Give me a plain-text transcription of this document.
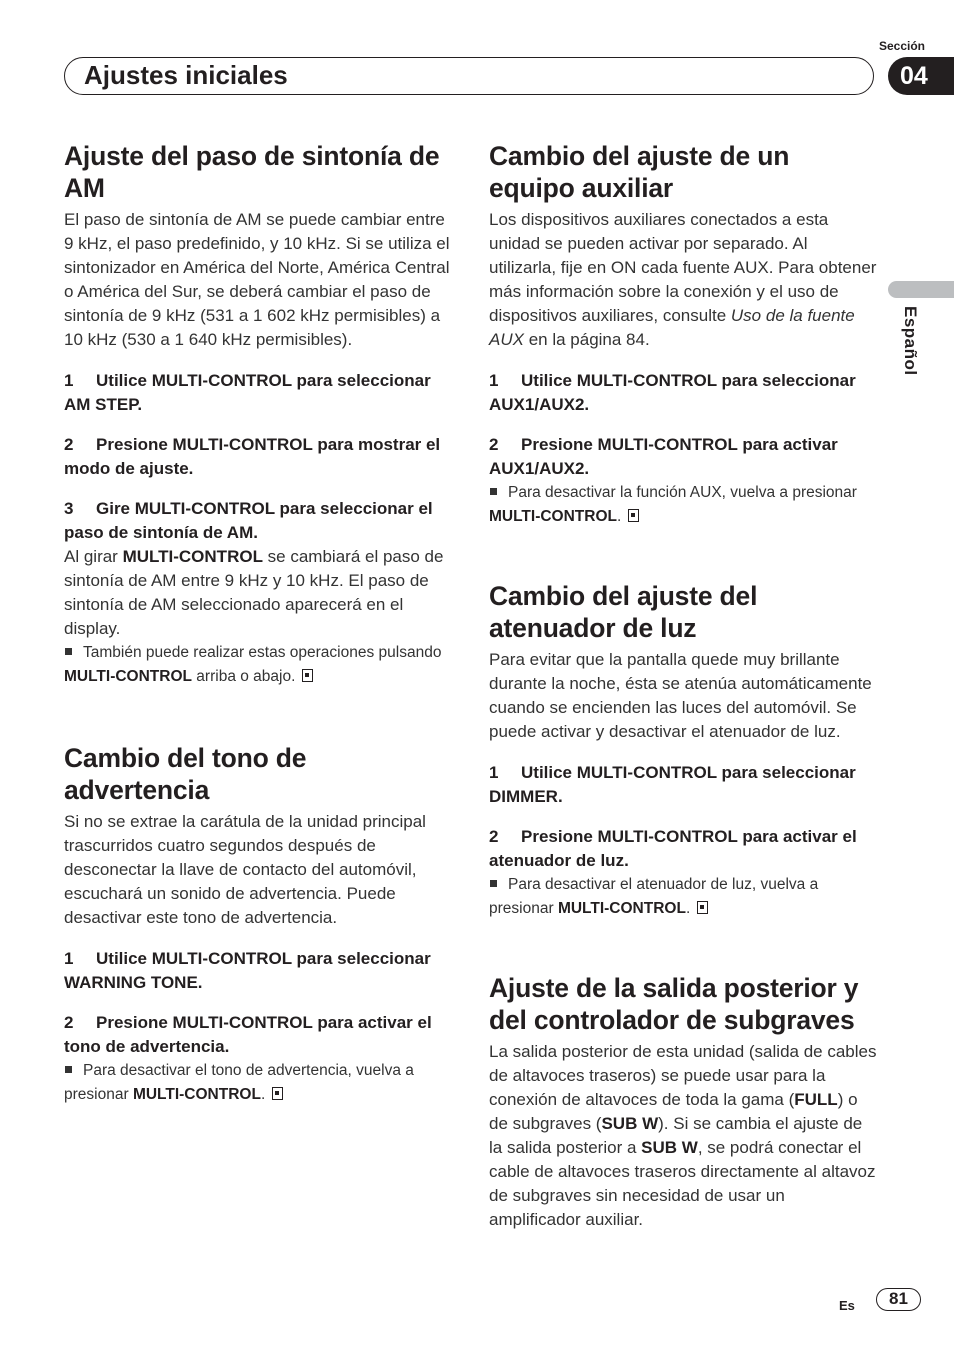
Sección
Ajustes iniciales	04
Español
Ajuste del paso de sintonía de AM

El paso de sintonía de AM se puede cambiar entre 9 kHz, el paso predefinido, y 10 kHz. Si se utiliza el sintonizador en América del Norte, América Central o América del Sur, se deberá cambiar el paso de sintonía de 9 kHz (531 a 1 602 kHz permisibles) a 10 kHz (530 a 1 640 kHz permisibles).

1 Utilice MULTI-CONTROL para seleccionar AM STEP.
2 Presione MULTI-CONTROL para mostrar el modo de ajuste.
3 Gire MULTI-CONTROL para seleccionar el paso de sintonía de AM.

Al girar MULTI-CONTROL se cambiará el paso de sintonía de AM entre 9 kHz y 10 kHz. El paso de sintonía de AM seleccionado aparecerá en el display.

También puede realizar estas operaciones pulsando MULTI-CONTROL arriba o abajo.
Cambio del tono de advertencia

Si no se extrae la carátula de la unidad principal trascurridos cuatro segundos después de desconectar la llave de contacto del automóvil, escuchará un sonido de advertencia. Puede desactivar este tono de advertencia.

1 Utilice MULTI-CONTROL para seleccionar WARNING TONE.
2 Presione MULTI-CONTROL para activar el tono de advertencia.
Para desactivar el tono de advertencia, vuelva a presionar MULTI-CONTROL.
Cambio del ajuste de un equipo auxiliar

Los dispositivos auxiliares conectados a esta unidad se pueden activar por separado. Al utilizarla, fije en ON cada fuente AUX. Para obtener más información sobre la conexión y el uso de dispositivos auxiliares, consulte Uso de la fuente AUX en la página 84.

1 Utilice MULTI-CONTROL para seleccionar AUX1/AUX2.
2 Presione MULTI-CONTROL para activar AUX1/AUX2.
Para desactivar la función AUX, vuelva a presionar MULTI-CONTROL.
Cambio del ajuste del atenuador de luz

Para evitar que la pantalla quede muy brillante durante la noche, ésta se atenúa automáticamente cuando se encienden las luces del automóvil. Se puede activar y desactivar el atenuador de luz.

1 Utilice MULTI-CONTROL para seleccionar DIMMER.
2 Presione MULTI-CONTROL para activar el atenuador de luz.
Para desactivar el atenuador de luz, vuelva a presionar MULTI-CONTROL.
Ajuste de la salida posterior y del controlador de subgraves

La salida posterior de esta unidad (salida de cables de altavoces traseros) se puede usar para la conexión de altavoces de toda la gama (FULL) o de subgraves (SUB W). Si se cambia el ajuste de la salida posterior a SUB W, se podrá conectar el cable de altavoces traseros directamente al altavoz de subgraves sin necesidad de usar un amplificador auxiliar.

Es	81
